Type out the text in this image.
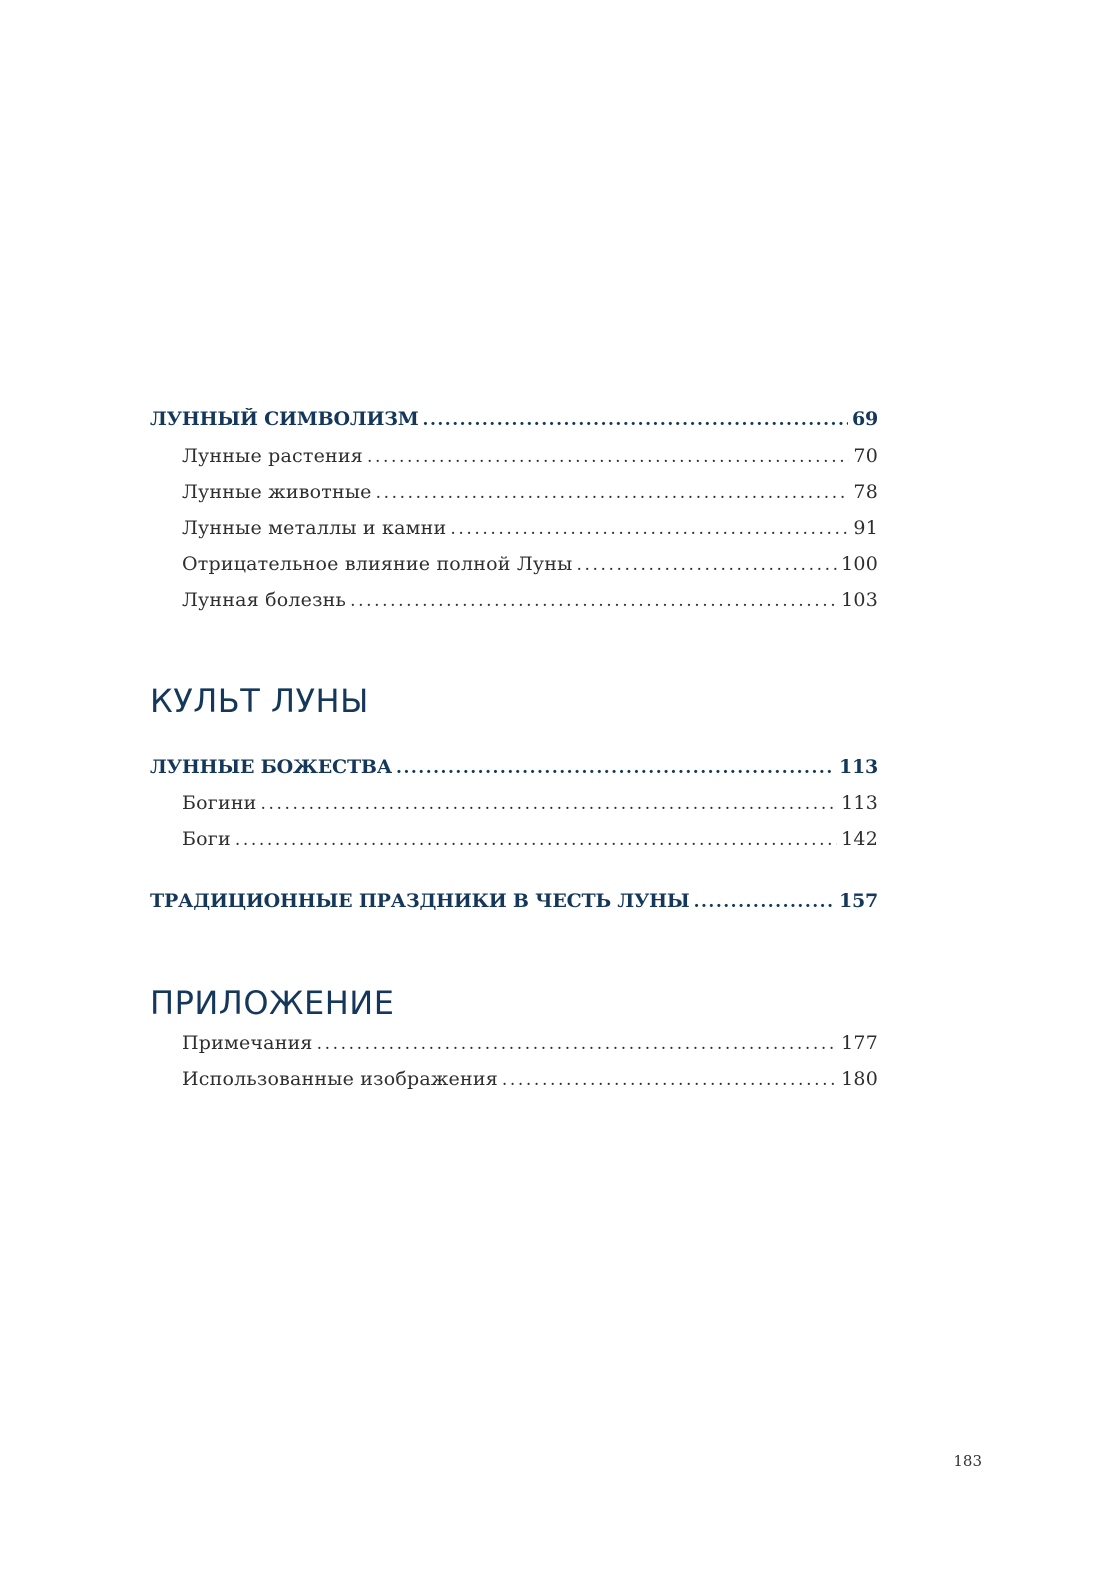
ЛУННЫЙ СИМВОЛИЗМ .....	69
Лунные растения .....	70
Лунные животные .....	78
Лунные металлы и камни .....	91
Отрицательное влияние полной Луны .....	100
Лунная болезнь .....	103
ЛУННЫЕ БОЖЕСТВА .....	113
Богини .....	113
Боги .....	142
ТРАДИЦИОННЫЕ ПРАЗДНИКИ В ЧЕСТЬ ЛУНЫ .....	157
Примечания .....	177
Использованные изображения .....	180
КУЛЬТ ЛУНЫ
ПРИЛОЖЕНИЕ
183
